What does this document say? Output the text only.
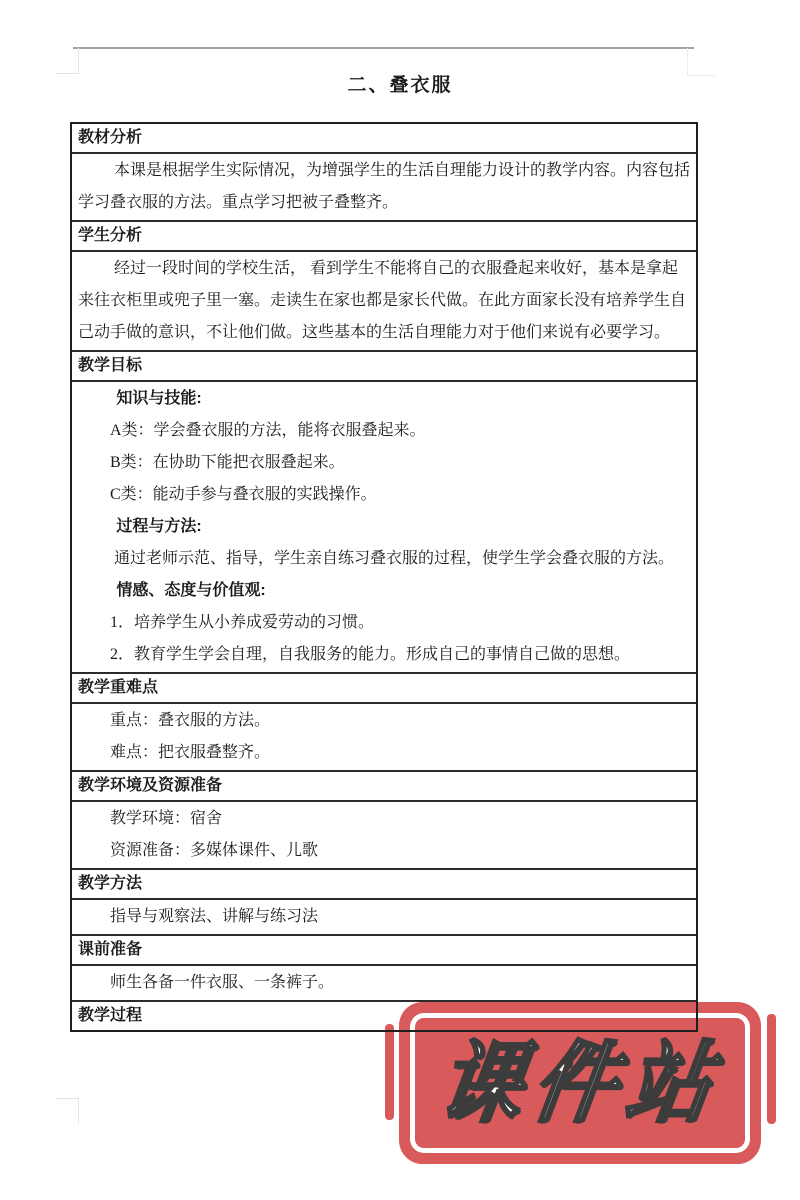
课件站
二、叠衣服
教材分析

本课是根据学生实际情况，为增强学生的生活自理能力设计的教学内容。内容包括学习叠衣服的方法。重点学习把被子叠整齐。

学生分析

经过一段时间的学校生活， 看到学生不能将自己的衣服叠起来收好，基本是拿起来往衣柜里或兜子里一塞。走读生在家也都是家长代做。在此方面家长没有培养学生自己动手做的意识，不让他们做。这些基本的生活自理能力对于他们来说有必要学习。

教学目标

知识与技能:

A类：学会叠衣服的方法，能将衣服叠起来。

B类：在协助下能把衣服叠起来。

C类：能动手参与叠衣服的实践操作。

过程与方法:

通过老师示范、指导，学生亲自练习叠衣服的过程，使学生学会叠衣服的方法。

情感、态度与价值观:

1．培养学生从小养成爱劳动的习惯。

2．教育学生学会自理，自我服务的能力。形成自己的事情自己做的思想。

教学重难点

重点：叠衣服的方法。

难点：把衣服叠整齐。

教学环境及资源准备

教学环境：宿舍

资源准备：多媒体课件、儿歌

教学方法

指导与观察法、讲解与练习法

课前准备

师生各备一件衣服、一条裤子。

教学过程
